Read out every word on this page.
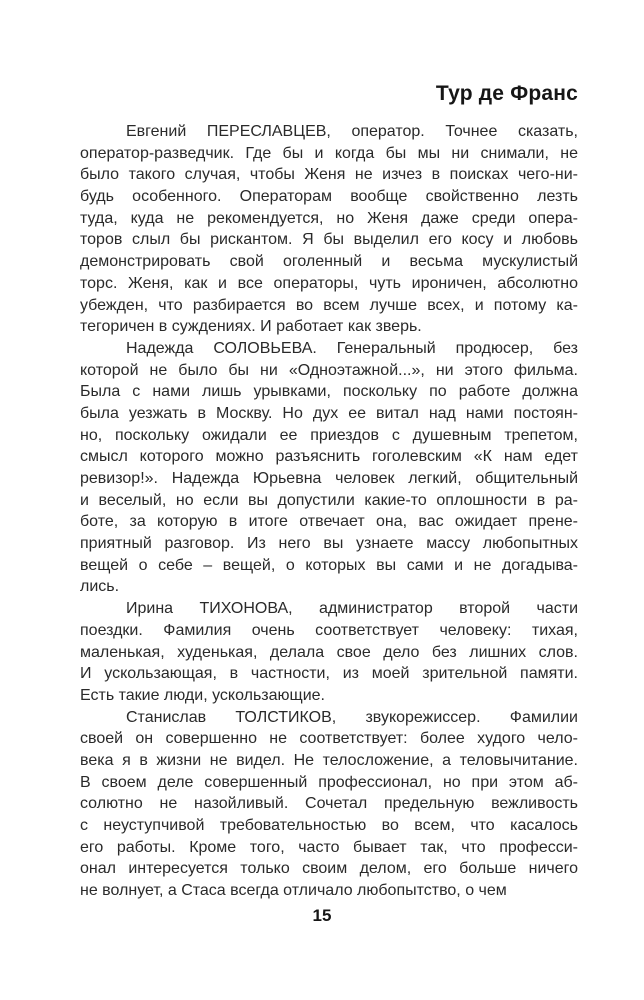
Тур де Франс
Евгений ПЕРЕСЛАВЦЕВ, оператор. Точнее сказать,
оператор-разведчик. Где бы и когда бы мы ни снимали, не
было такого случая, чтобы Женя не изчез в поисках чего-ни-
будь особенного. Операторам вообще свойственно лезть
туда, куда не рекомендуется, но Женя даже среди опера-
торов слыл бы рискантом. Я бы выделил его косу и любовь
демонстрировать свой оголенный и весьма мускулистый
торс. Женя, как и все операторы, чуть ироничен, абсолютно
убежден, что разбирается во всем лучше всех, и потому ка-
тегоричен в суждениях. И работает как зверь.
Надежда СОЛОВЬЕВА. Генеральный продюсер, без
которой не было бы ни «Одноэтажной...», ни этого фильма.
Была с нами лишь урывками, поскольку по работе должна
была уезжать в Москву. Но дух ее витал над нами постоян-
но, поскольку ожидали ее приездов с душевным трепетом,
смысл которого можно разъяснить гоголевским «К нам едет
ревизор!». Надежда Юрьевна человек легкий, общительный
и веселый, но если вы допустили какие-то оплошности в ра-
боте, за которую в итоге отвечает она, вас ожидает прене-
приятный разговор. Из него вы узнаете массу любопытных
вещей о себе – вещей, о которых вы сами и не догадыва-
лись.
Ирина ТИХОНОВА, администратор второй части
поездки. Фамилия очень соответствует человеку: тихая,
маленькая, худенькая, делала свое дело без лишних слов.
И ускользающая, в частности, из моей зрительной памяти.
Есть такие люди, ускользающие.
Станислав ТОЛСТИКОВ, звукорежиссер. Фамилии
своей он совершенно не соответствует: более худого чело-
века я в жизни не видел. Не телосложение, а теловычитание.
В своем деле совершенный профессионал, но при этом аб-
солютно не назойливый. Сочетал предельную вежливость
с неуступчивой требовательностью во всем, что касалось
его работы. Кроме того, часто бывает так, что професси-
онал интересуется только своим делом, его больше ничего
не волнует, а Стаса всегда отличало любопытство, о чем
15
